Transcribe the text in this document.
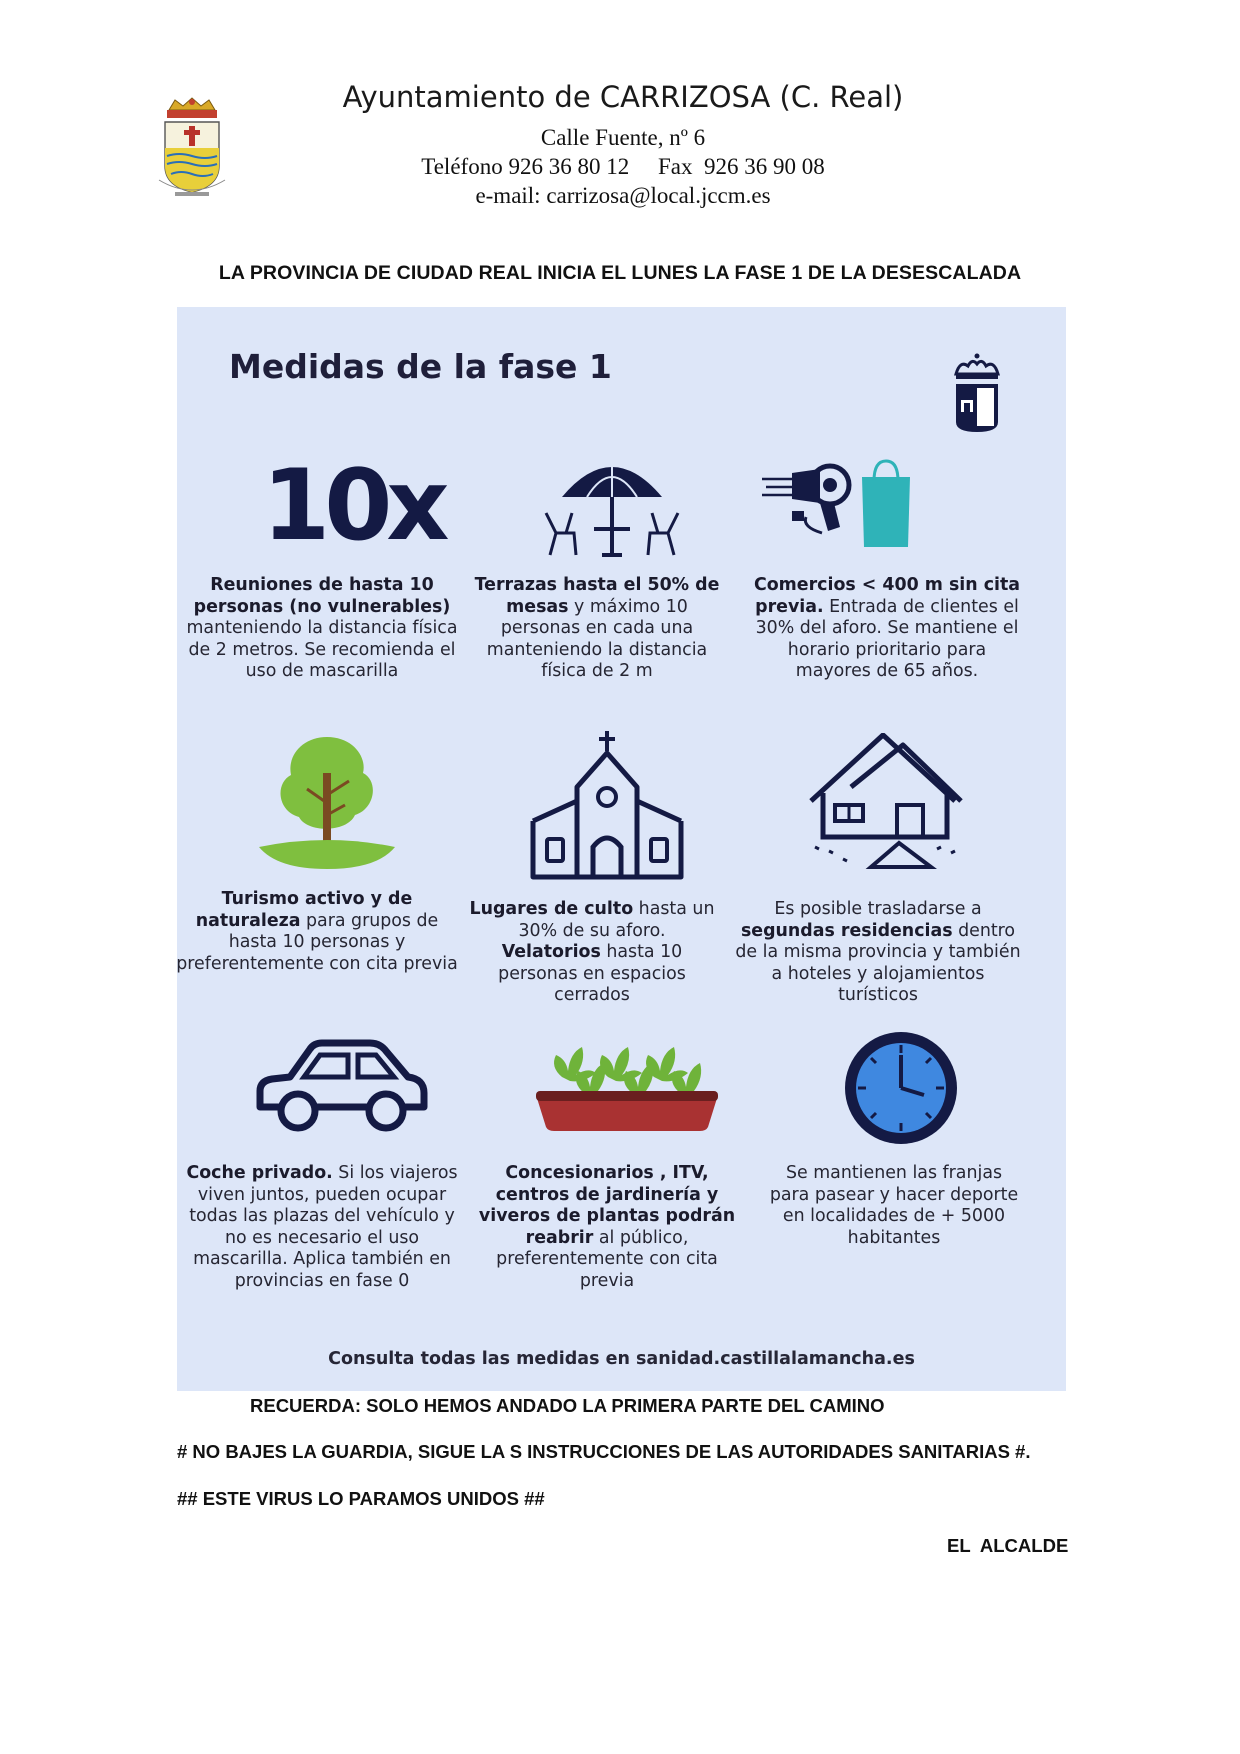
Ayuntamiento de CARRIZOSA (C. Real)
Calle Fuente, nº 6
Teléfono 926 36 80 12     Fax  926 36 90 08
e-mail: carrizosa@local.jccm.es
LA PROVINCIA DE CIUDAD REAL INICIA EL LUNES LA FASE 1 DE LA DESESCALADA
Medidas de la fase 1
10x
Reuniones de hasta 10 personas (no vulnerables) manteniendo la distancia física de 2 metros. Se recomienda el uso de mascarilla
Terrazas hasta el 50% de mesas y máximo 10 personas en cada una manteniendo la distancia física de 2 m
Comercios < 400 m sin cita previa. Entrada de clientes el 30% del aforo. Se mantiene el horario prioritario para mayores de 65 años.
Turismo activo y de naturaleza para grupos de hasta 10 personas y preferentemente con cita previa
Lugares de culto hasta un 30% de su aforo. Velatorios hasta 10 personas en espacios cerrados
Es posible trasladarse a segundas residencias dentro de la misma provincia y también a hoteles y alojamientos turísticos
Coche privado. Si los viajeros viven juntos, pueden ocupar todas las plazas del vehículo y no es necesario el uso mascarilla. Aplica también en provincias en fase 0
Concesionarios , ITV, centros de jardinería y viveros de plantas podrán reabrir al público, preferentemente con cita previa
Se mantienen las franjas para pasear y hacer deporte en localidades de + 5000 habitantes
Consulta todas las medidas en sanidad.castillalamancha.es
RECUERDA: SOLO HEMOS ANDADO LA PRIMERA PARTE DEL CAMINO
# NO BAJES LA GUARDIA, SIGUE LA S INSTRUCCIONES DE LAS AUTORIDADES SANITARIAS #.
## ESTE VIRUS LO PARAMOS UNIDOS ##
EL  ALCALDE
